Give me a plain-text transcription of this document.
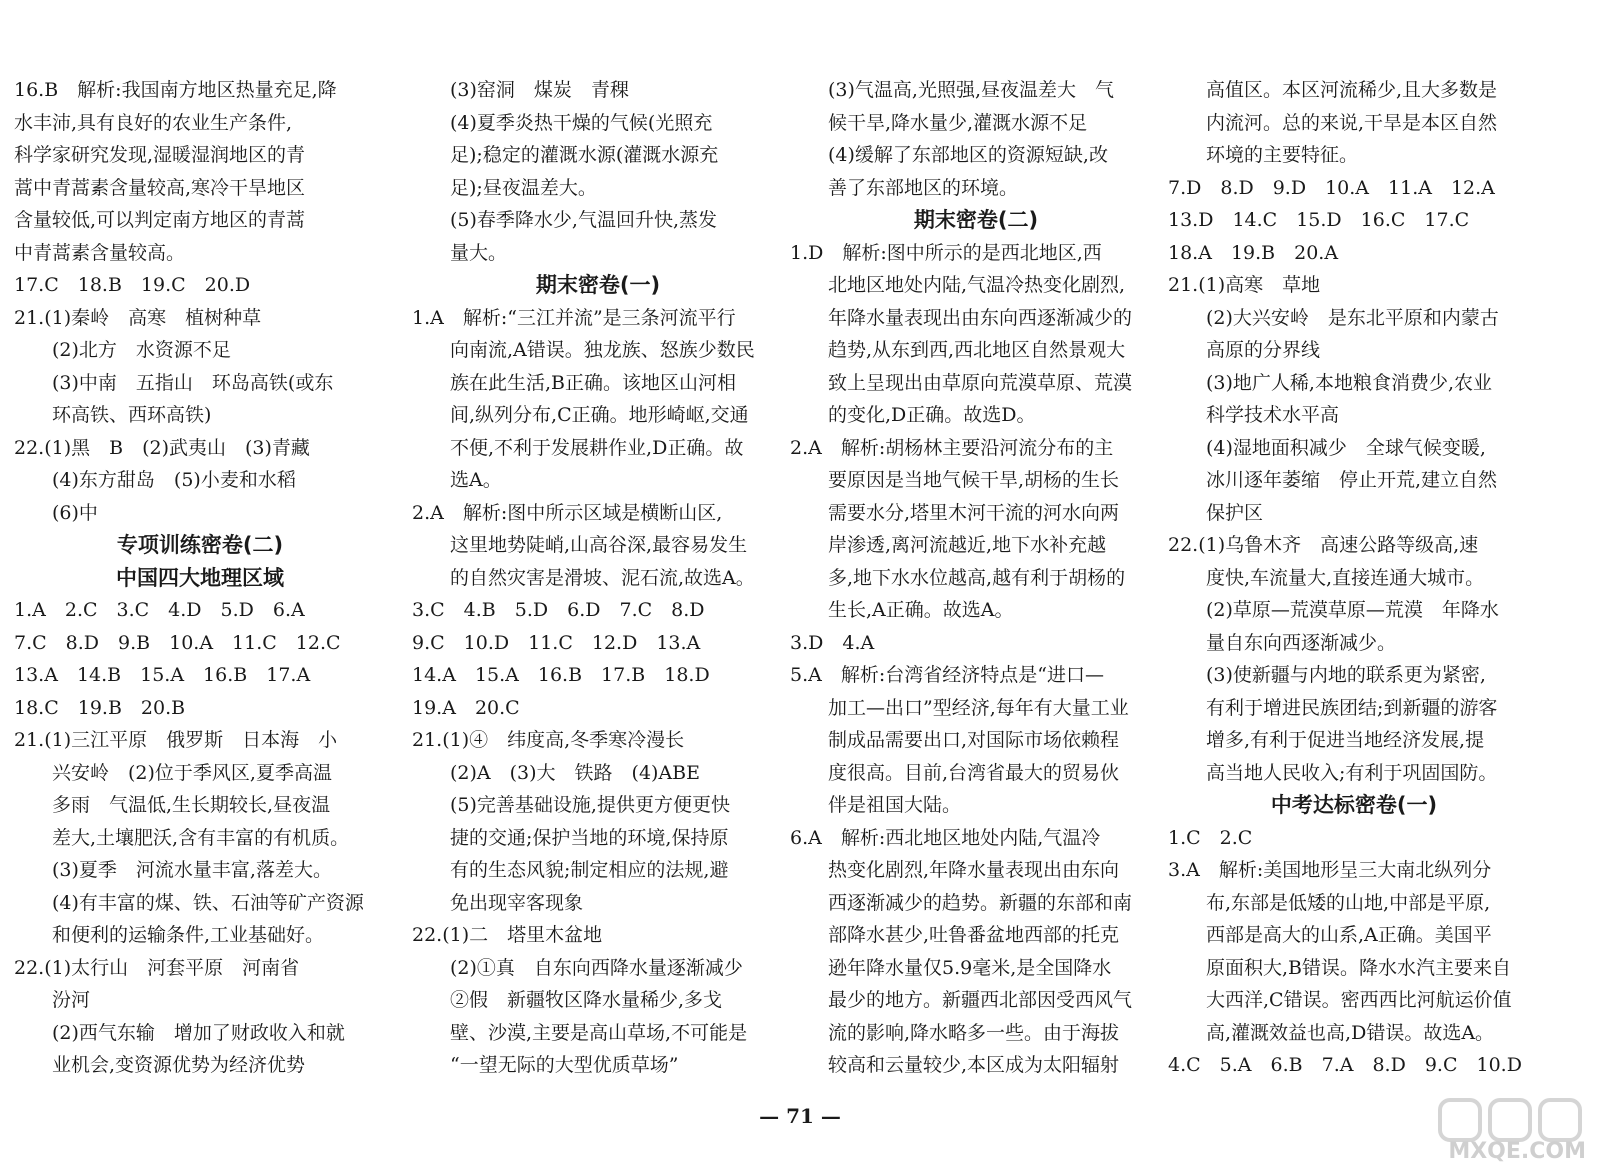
16.B　解析:我国南方地区热量充足,降
水丰沛,具有良好的农业生产条件,
科学家研究发现,湿暖湿润地区的青
蒿中青蒿素含量较高,寒冷干旱地区
含量较低,可以判定南方地区的青蒿
中青蒿素含量较高。
17.C　18.B　19.C　20.D
21.(1)秦岭　高寒　植树种草
(2)北方　水资源不足
(3)中南　五指山　环岛高铁(或东
环高铁、西环高铁)
22.(1)黑　B　(2)武夷山　(3)青藏
(4)东方甜岛　(5)小麦和水稻
(6)中
专项训练密卷(二)
中国四大地理区域
1.A　2.C　3.C　4.D　5.D　6.A
7.C　8.D　9.B　10.A　11.C　12.C
13.A　14.B　15.A　16.B　17.A
18.C　19.B　20.B
21.(1)三江平原　俄罗斯　日本海　小
兴安岭　(2)位于季风区,夏季高温
多雨　气温低,生长期较长,昼夜温
差大,土壤肥沃,含有丰富的有机质。
(3)夏季　河流水量丰富,落差大。
(4)有丰富的煤、铁、石油等矿产资源
和便利的运输条件,工业基础好。
22.(1)太行山　河套平原　河南省
汾河
(2)西气东输　增加了财政收入和就
业机会,变资源优势为经济优势
(3)窑洞　煤炭　青稞
(4)夏季炎热干燥的气候(光照充
足);稳定的灌溉水源(灌溉水源充
足);昼夜温差大。
(5)春季降水少,气温回升快,蒸发
量大。
期末密卷(一)
1.A　解析:“三江并流”是三条河流平行
向南流,A错误。独龙族、怒族少数民
族在此生活,B正确。该地区山河相
间,纵列分布,C正确。地形崎岖,交通
不便,不利于发展耕作业,D正确。故
选A。
2.A　解析:图中所示区域是横断山区,
这里地势陡峭,山高谷深,最容易发生
的自然灾害是滑坡、泥石流,故选A。
3.C　4.B　5.D　6.D　7.C　8.D
9.C　10.D　11.C　12.D　13.A
14.A　15.A　16.B　17.B　18.D
19.A　20.C
21.(1)④　纬度高,冬季寒冷漫长
(2)A　(3)大　铁路　(4)ABE
(5)完善基础设施,提供更方便更快
捷的交通;保护当地的环境,保持原
有的生态风貌;制定相应的法规,避
免出现宰客现象
22.(1)二　塔里木盆地
(2)①真　自东向西降水量逐渐减少
②假　新疆牧区降水量稀少,多戈
壁、沙漠,主要是高山草场,不可能是
“一望无际的大型优质草场”
(3)气温高,光照强,昼夜温差大　气
候干旱,降水量少,灌溉水源不足
(4)缓解了东部地区的资源短缺,改
善了东部地区的环境。
期末密卷(二)
1.D　解析:图中所示的是西北地区,西
北地区地处内陆,气温冷热变化剧烈,
年降水量表现出由东向西逐渐减少的
趋势,从东到西,西北地区自然景观大
致上呈现出由草原向荒漠草原、荒漠
的变化,D正确。故选D。
2.A　解析:胡杨林主要沿河流分布的主
要原因是当地气候干旱,胡杨的生长
需要水分,塔里木河干流的河水向两
岸渗透,离河流越近,地下水补充越
多,地下水水位越高,越有利于胡杨的
生长,A正确。故选A。
3.D　4.A
5.A　解析:台湾省经济特点是“进口—
加工—出口”型经济,每年有大量工业
制成品需要出口,对国际市场依赖程
度很高。目前,台湾省最大的贸易伙
伴是祖国大陆。
6.A　解析:西北地区地处内陆,气温冷
热变化剧烈,年降水量表现出由东向
西逐渐减少的趋势。新疆的东部和南
部降水甚少,吐鲁番盆地西部的托克
逊年降水量仅5.9毫米,是全国降水
最少的地方。新疆西北部因受西风气
流的影响,降水略多一些。由于海拔
较高和云量较少,本区成为太阳辐射
高值区。本区河流稀少,且大多数是
内流河。总的来说,干旱是本区自然
环境的主要特征。
7.D　8.D　9.D　10.A　11.A　12.A
13.D　14.C　15.D　16.C　17.C
18.A　19.B　20.A
21.(1)高寒　草地
(2)大兴安岭　是东北平原和内蒙古
高原的分界线
(3)地广人稀,本地粮食消费少,农业
科学技术水平高
(4)湿地面积减少　全球气候变暖,
冰川逐年萎缩　停止开荒,建立自然
保护区
22.(1)乌鲁木齐　高速公路等级高,速
度快,车流量大,直接连通大城市。
(2)草原—荒漠草原—荒漠　年降水
量自东向西逐渐减少。
(3)使新疆与内地的联系更为紧密,
有利于增进民族团结;到新疆的游客
增多,有利于促进当地经济发展,提
高当地人民收入;有利于巩固国防。
中考达标密卷(一)
1.C　2.C
3.A　解析:美国地形呈三大南北纵列分
布,东部是低矮的山地,中部是平原,
西部是高大的山系,A正确。美国平
原面积大,B错误。降水水汽主要来自
大西洋,C错误。密西西比河航运价值
高,灌溉效益也高,D错误。故选A。
4.C　5.A　6.B　7.A　8.D　9.C　10.D
— 71 —
MXQE.COM
